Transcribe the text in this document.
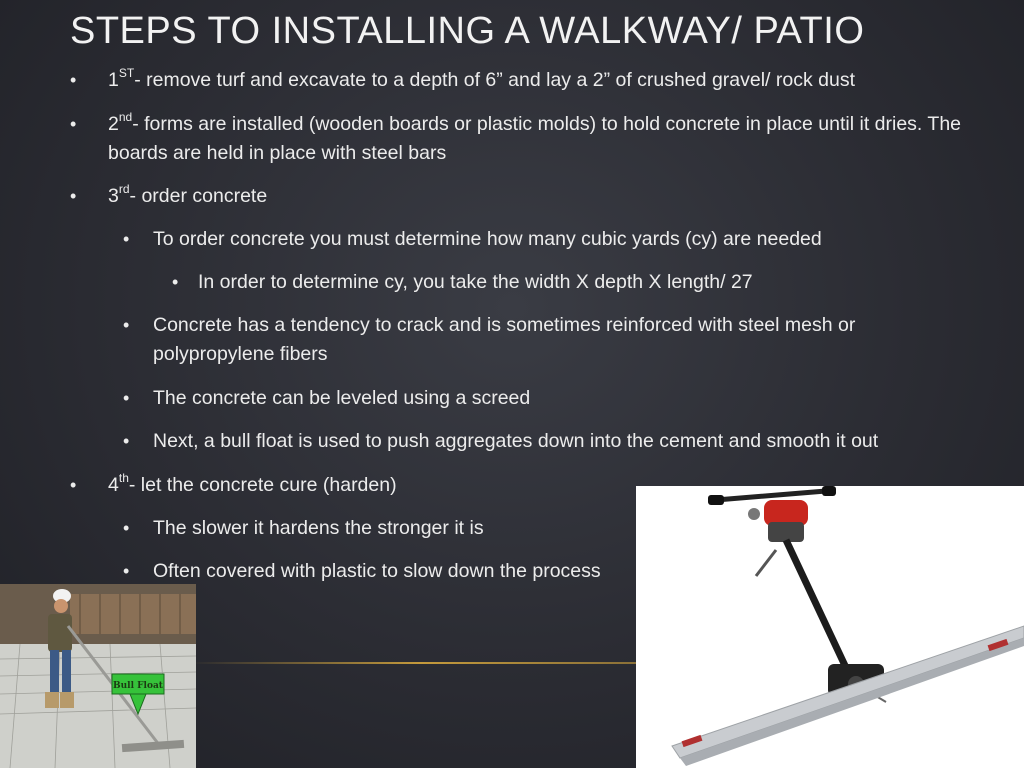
STEPS TO INSTALLING A WALKWAY/ PATIO
• 1ST- remove turf and excavate to a depth of 6” and lay a 2” of crushed gravel/ rock dust
• 2nd- forms are installed (wooden boards or plastic molds) to hold concrete in place until it dries. The boards are held in place with steel bars
• 3rd- order concrete
• To order concrete you must determine how many cubic yards (cy) are needed
• In order to determine cy, you take the width X depth X length/ 27
• Concrete has a tendency to crack and is sometimes reinforced with steel mesh or polypropylene fibers
• The concrete can be leveled using a screed
• Next, a bull float is used to push aggregates down into the cement and smooth it out
• 4th- let the concrete cure (harden)
• The slower it hardens the stronger it is
• Often covered with plastic to slow down the process
Bull Float
